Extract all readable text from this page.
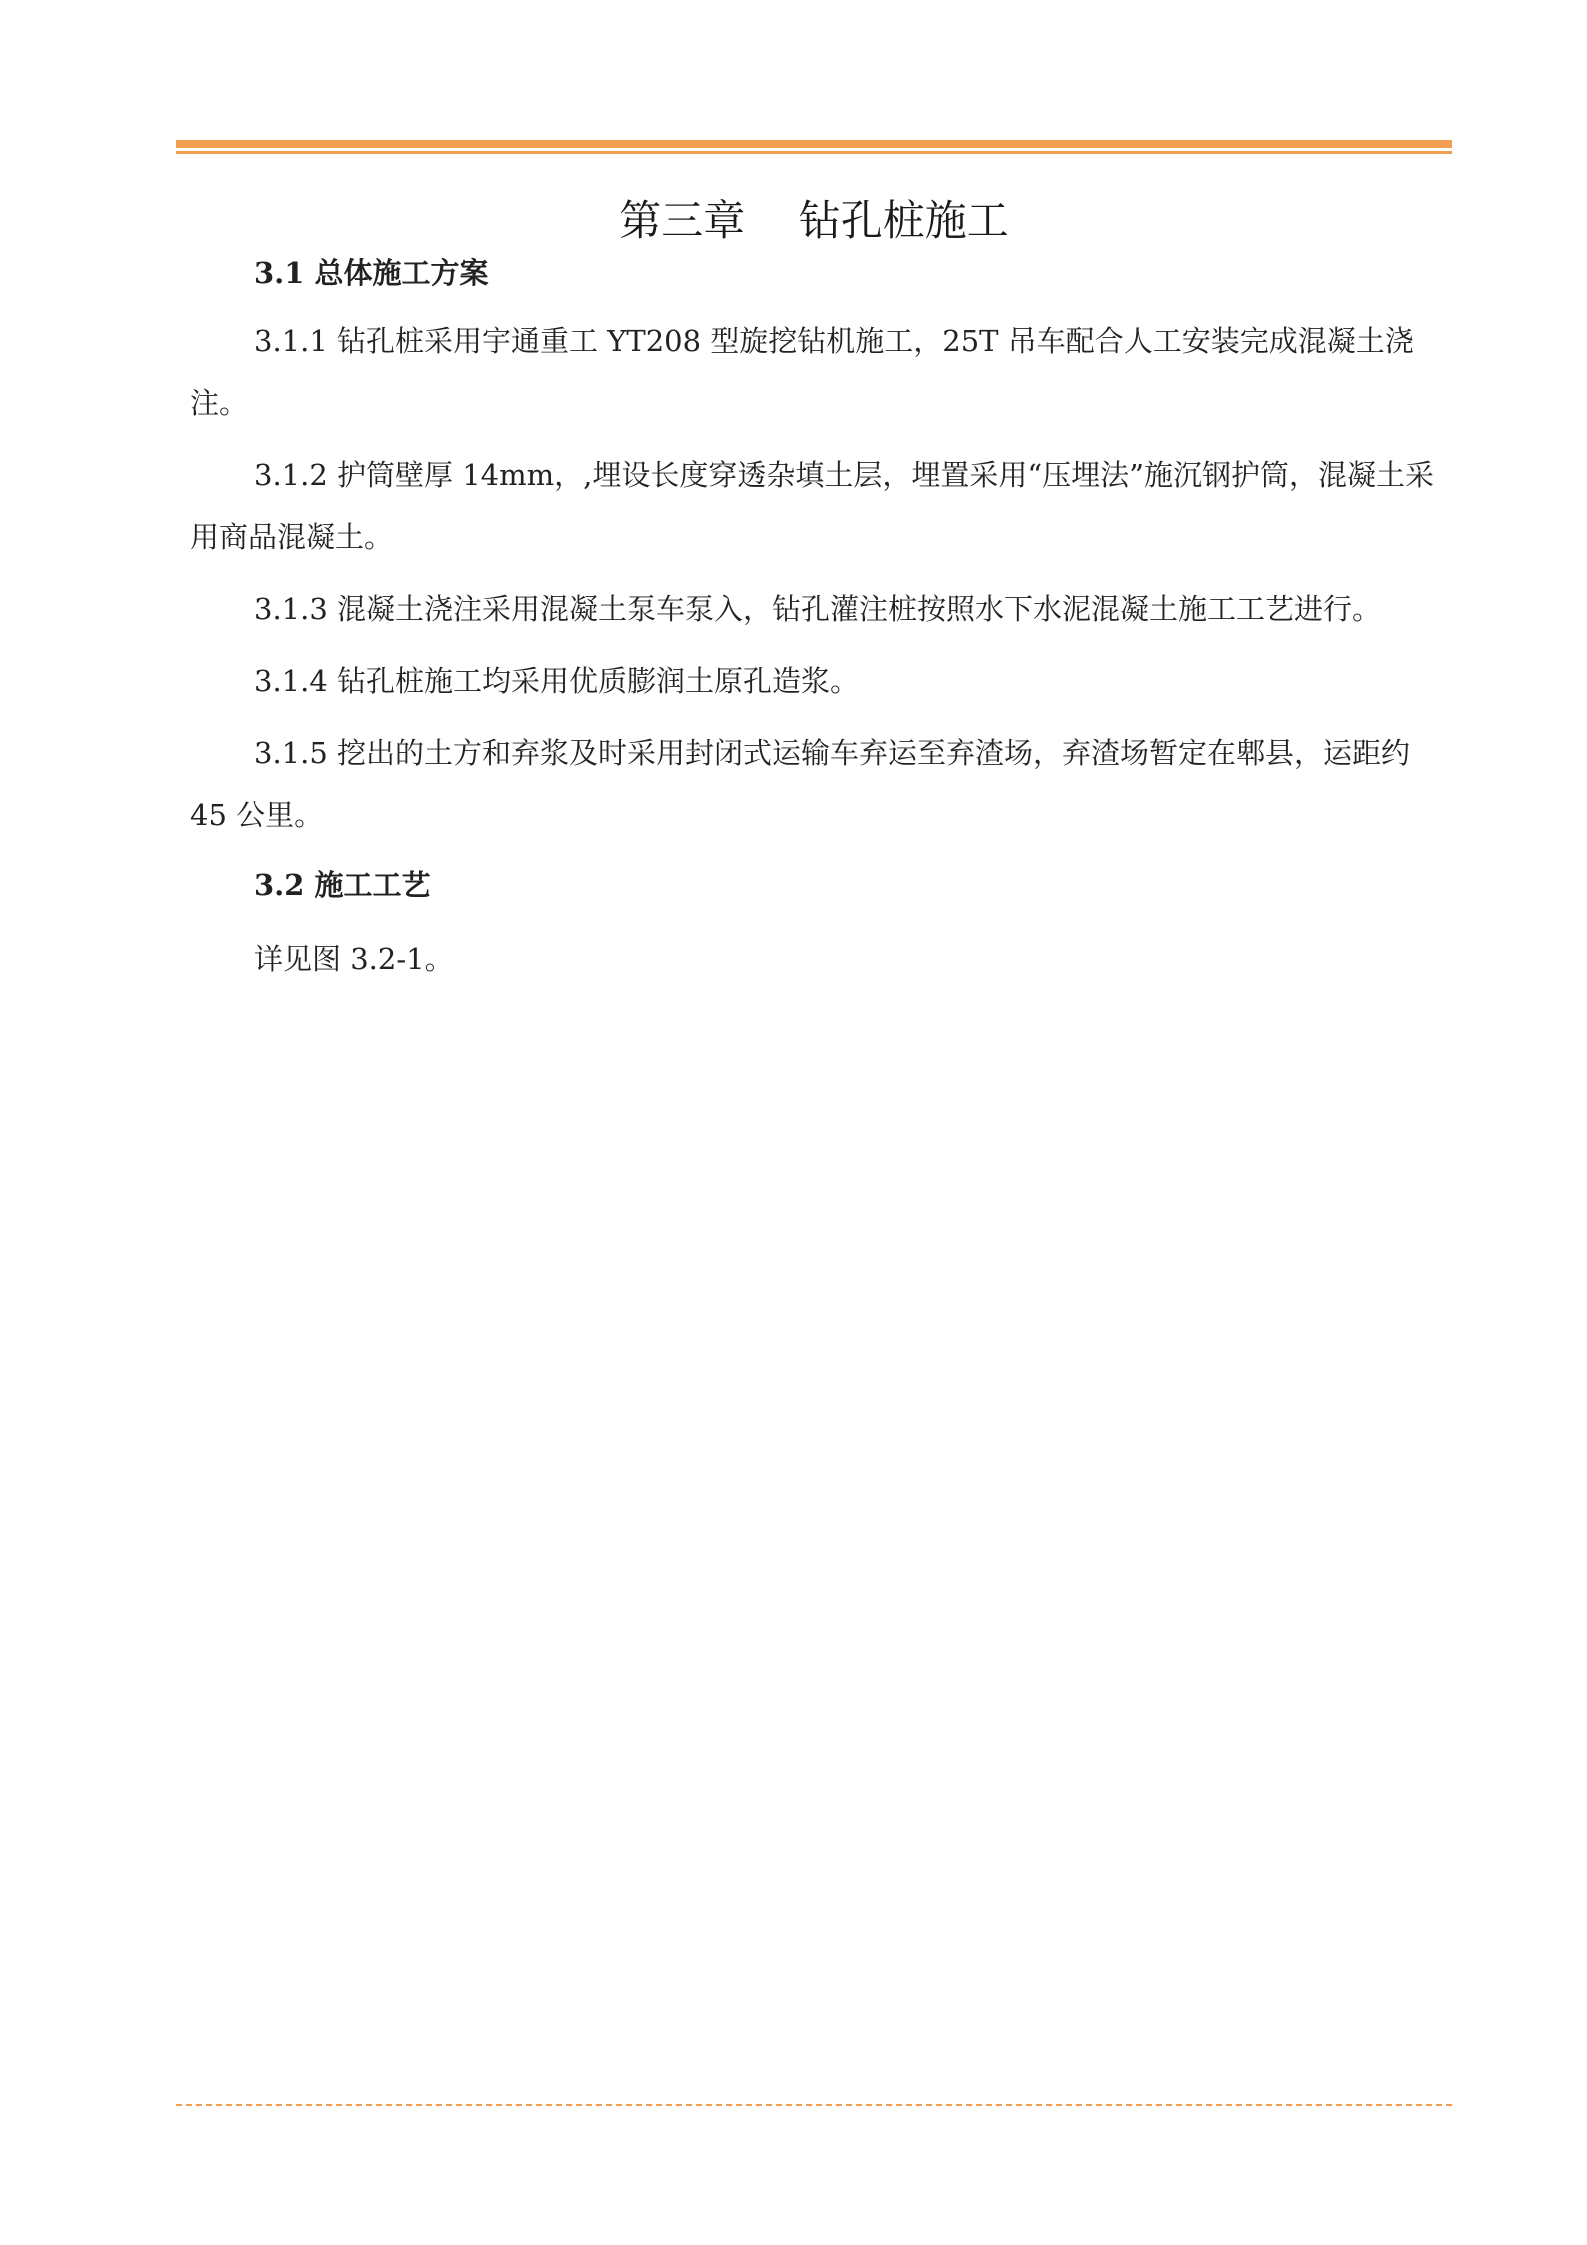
第三章    钻孔桩施工
3.1 总体施工方案

3.1.1 钻孔桩采用宇通重工 YT208 型旋挖钻机施工，25T 吊车配合人工安装完成混凝土浇注。

3.1.2 护筒壁厚 14mm，,埋设长度穿透杂填土层，埋置采用“压埋法”施沉钢护筒，混凝土采用商品混凝土。

3.1.3 混凝土浇注采用混凝土泵车泵入，钻孔灌注桩按照水下水泥混凝土施工工艺进行。

3.1.4 钻孔桩施工均采用优质膨润土原孔造浆。

3.1.5 挖出的土方和弃浆及时采用封闭式运输车弃运至弃渣场，弃渣场暂定在郫县，运距约 45 公里。

3.2 施工工艺

详见图 3.2-1。
